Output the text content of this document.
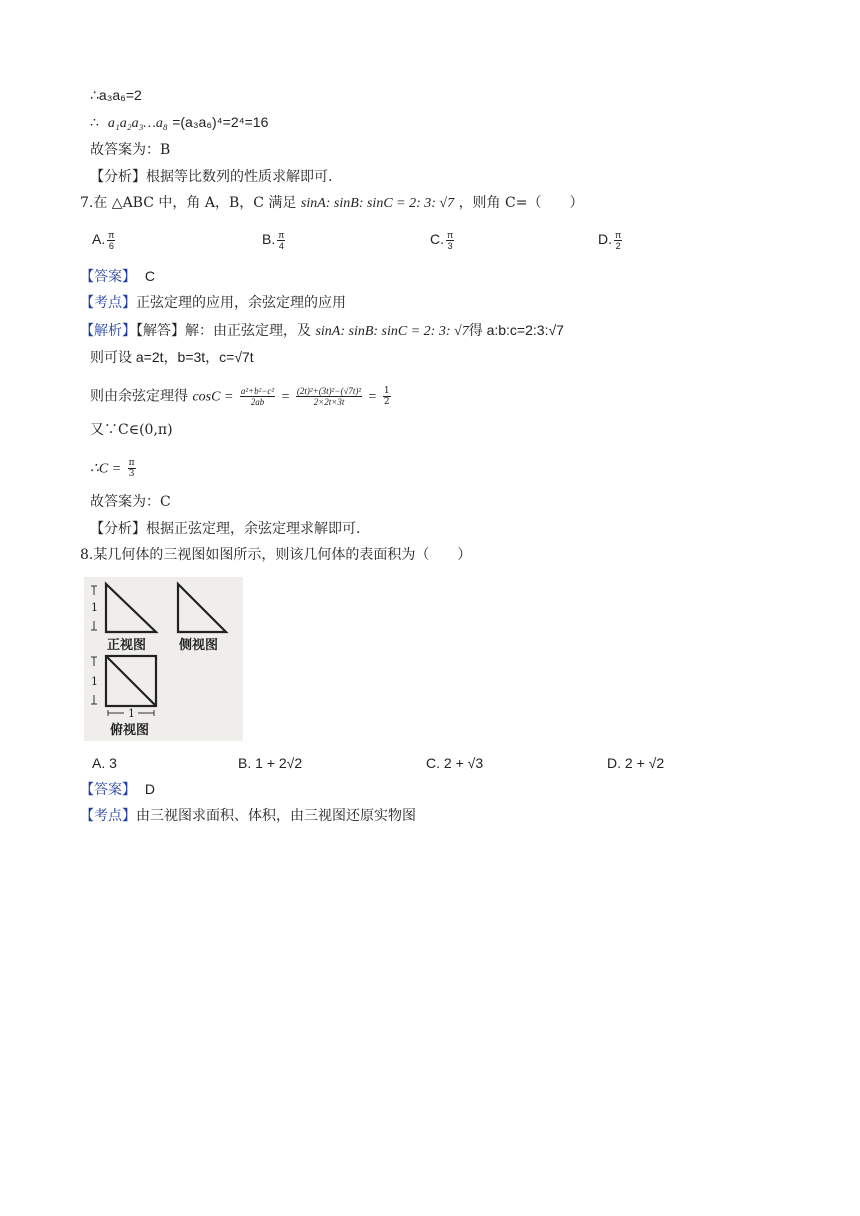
∴a₃a₆=2
∴ a₁a₂a₃…a₈ =(a₃a₆)⁴=2⁴=16
故答案为：B
【分析】根据等比数列的性质求解即可.
7.在 △ABC 中，角 A，B，C 满足 sinA: sinB: sinC = 2: 3: √7 ，则角 C=（　　）
A. $\frac{\pi}{6}$	B. $\frac{\pi}{4}$	C. $\frac{\pi}{3}$	D. $\frac{\pi}{2}$
【答案】 C
【考点】正弦定理的应用，余弦定理的应用
【解析】【解答】解：由正弦定理，及 sinA: sinB: sinC = 2: 3: √7得 a:b:c=2:3:√7
则可设 a=2t，b=3t，c=√7t
则由余弦定理得 $\cos C = \frac{\text{a²+b²−c²}}{2ab} = \frac{\text{(2t)²+(3t)²−(√7t)²}}{2\times 2t\times 3t} = \frac{1}{2}$
又∵C∈(0,π)
∴C = $\frac{\pi}{3}$
故答案为：C
【分析】根据正弦定理，余弦定理求解即可.
8.某几何体的三视图如图所示，则该几何体的表面积为（　　）
1
1
1
正视图	侧视图
俯视图
A. 3	B. 1 + 2√2	C. 2 + √3	D. 2 + √2
【答案】 D
【考点】由三视图求面积、体积，由三视图还原实物图
